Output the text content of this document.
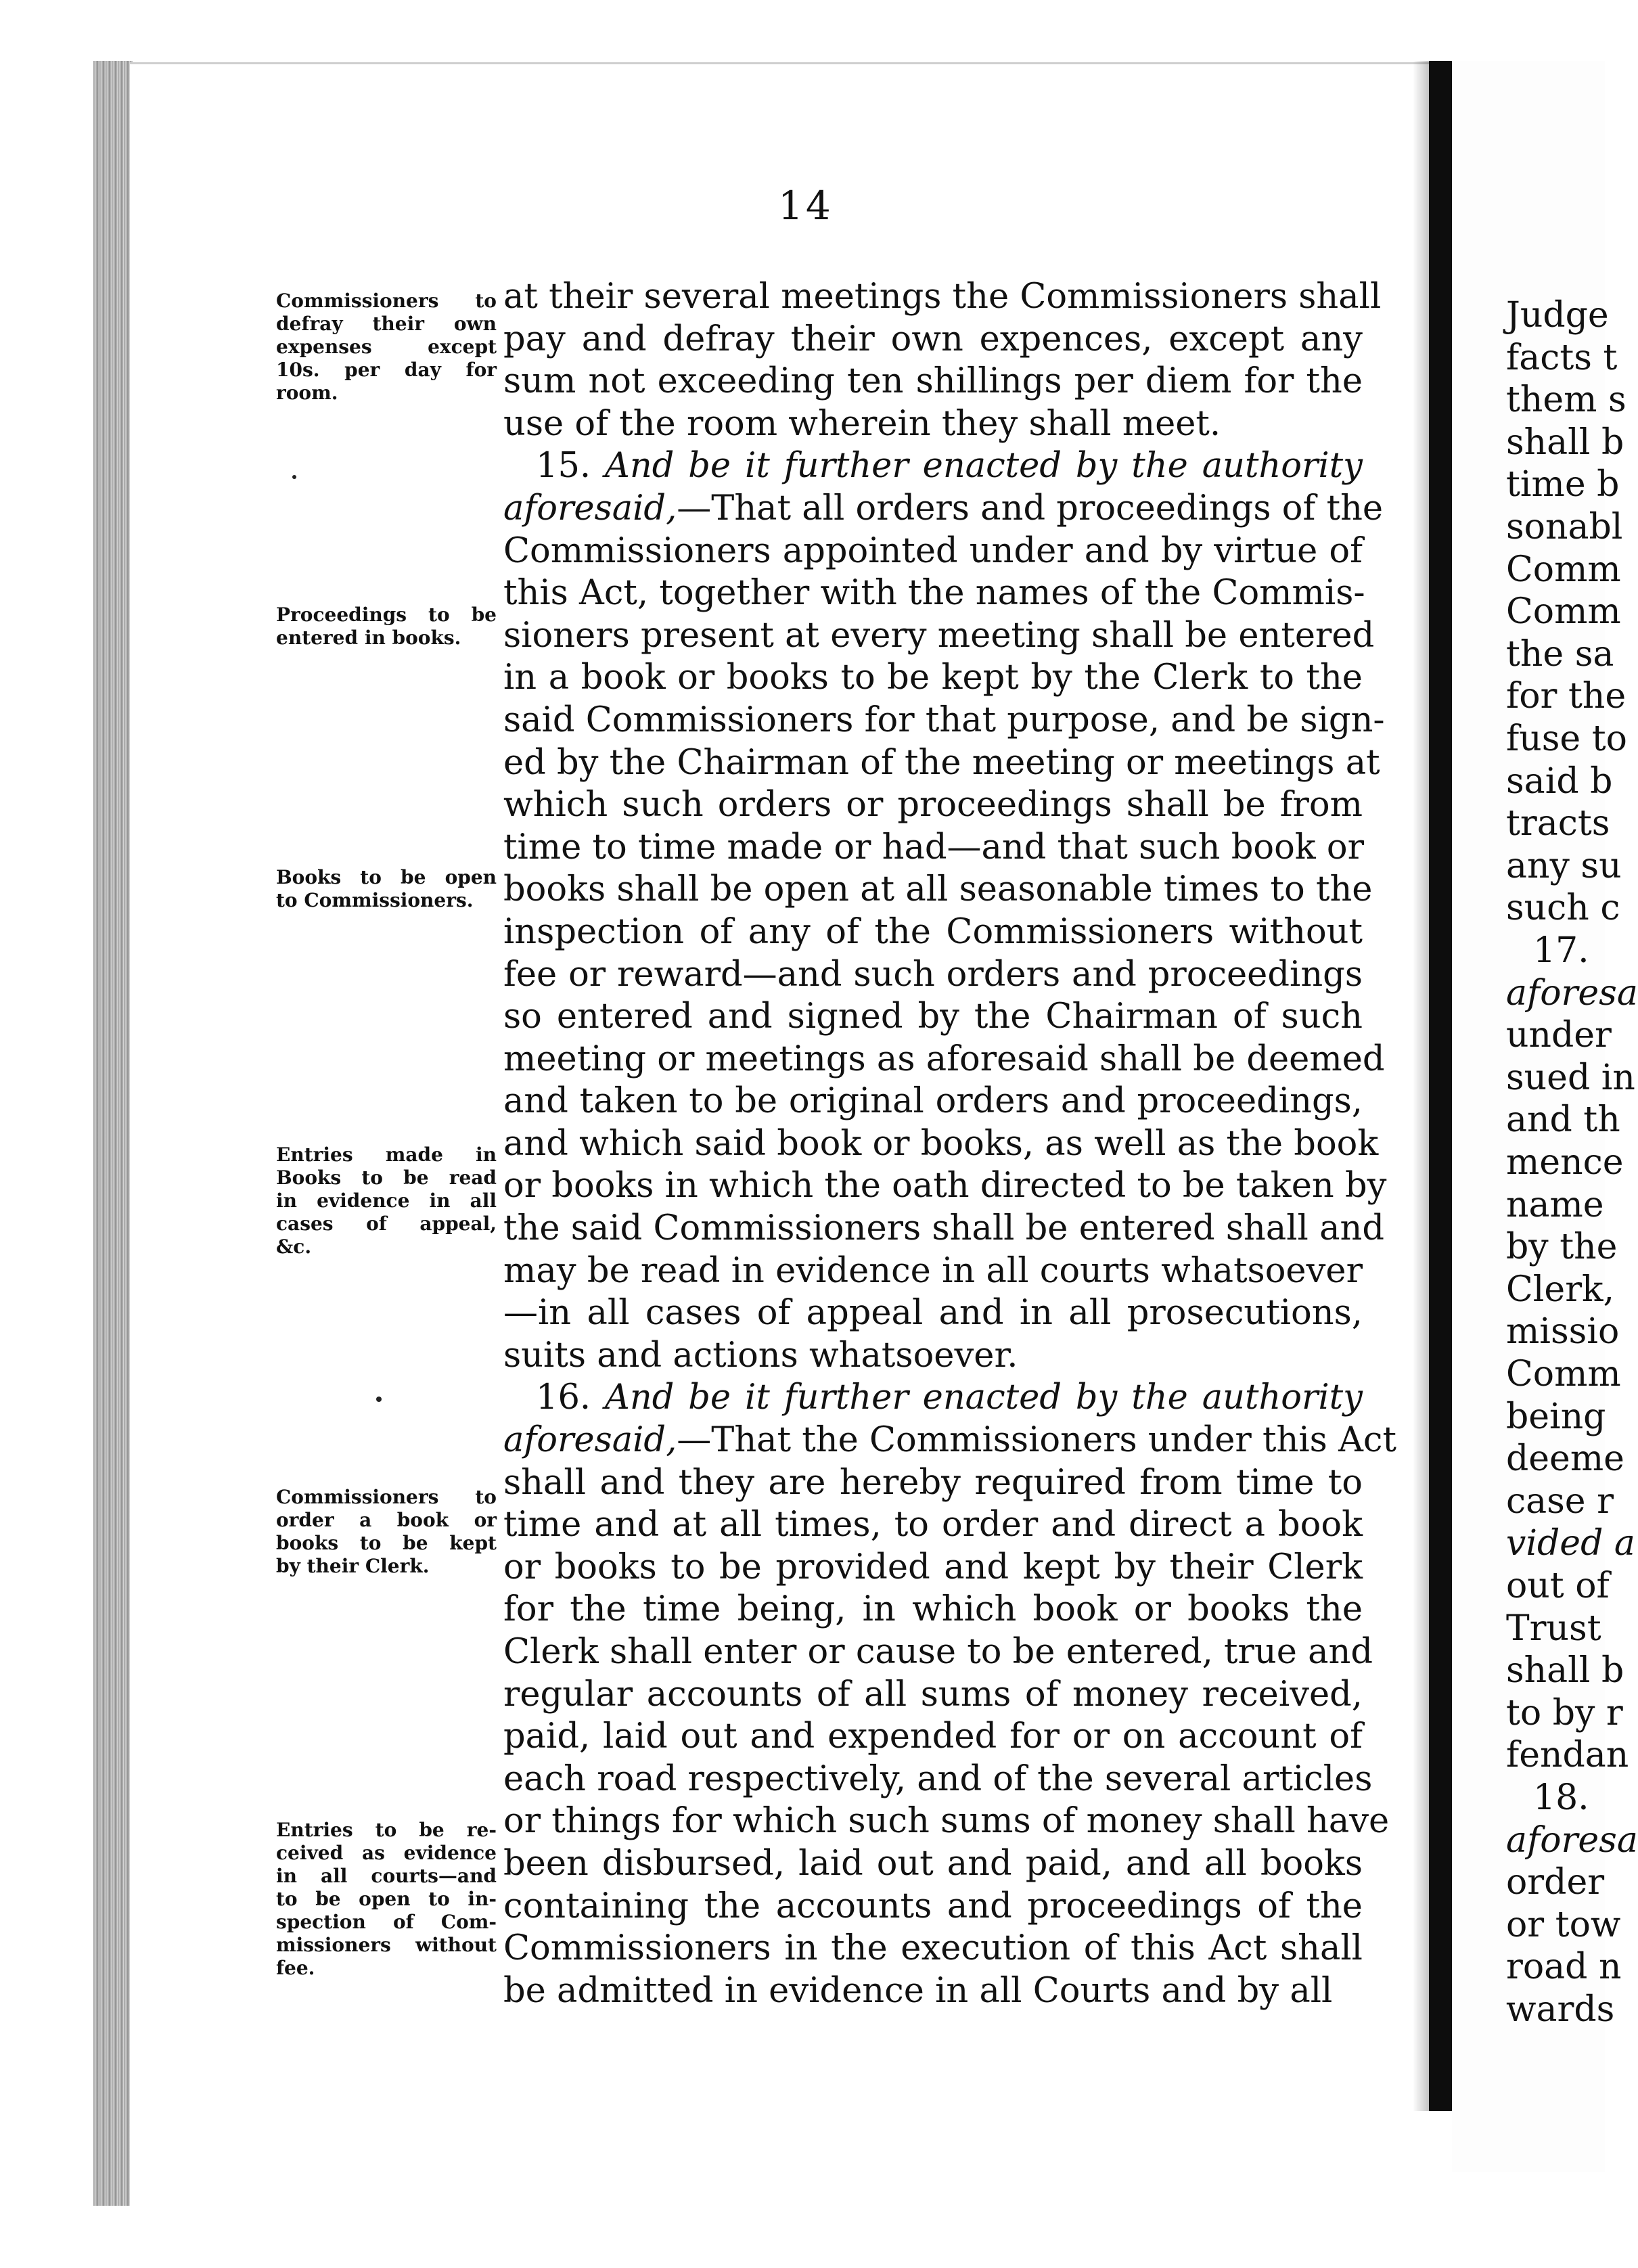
Judge
facts t
them s
shall b
time b
sonabl
Comm
Comm
the sa
for the
fuse to
said b
tracts
any su
such c
17.
aforesa
under
sued in
and th
mence
name
by the
Clerk,
missio
Comm
being
deeme
case r
vided a
out of
Trust
shall b
to by r
fendan
18.
aforesa
order
or tow
road n
wards
14
Commissioners to
defray their own
expenses except
10s. per day for
room.
Proceedings to be
entered in books.
Books to be open
to Commissioners.
Entries made in
Books to be read
in evidence in all
cases of appeal,
&c.
Commissioners to
order a book or
books to be kept
by their Clerk.
Entries to be re-
ceived as evidence
in all courts—and
to be open to in-
spection of Com-
missioners without
fee.
at their several meetings the Commissioners shall
pay and defray their own expences, except any
sum not exceeding ten shillings per diem for the
use of the room wherein they shall meet.
15. And be it further enacted by the authority
aforesaid,—That all orders and proceedings of the
Commissioners appointed under and by virtue of
this Act, together with the names of the Commis-
sioners present at every meeting shall be entered
in a book or books to be kept by the Clerk to the
said Commissioners for that purpose, and be sign-
ed by the Chairman of the meeting or meetings at
which such orders or proceedings shall be from
time to time made or had—and that such book or
books shall be open at all seasonable times to the
inspection of any of the Commissioners without
fee or reward—and such orders and proceedings
so entered and signed by the Chairman of such
meeting or meetings as aforesaid shall be deemed
and taken to be original orders and proceedings,
and which said book or books, as well as the book
or books in which the oath directed to be taken by
the said Commissioners shall be entered shall and
may be read in evidence in all courts whatsoever
—in all cases of appeal and in all prosecutions,
suits and actions whatsoever.
16. And be it further enacted by the authority
aforesaid,—That the Commissioners under this Act
shall and they are hereby required from time to
time and at all times, to order and direct a book
or books to be provided and kept by their Clerk
for the time being, in which book or books the
Clerk shall enter or cause to be entered, true and
regular accounts of all sums of money received,
paid, laid out and expended for or on account of
each road respectively, and of the several articles
or things for which such sums of money shall have
been disbursed, laid out and paid, and all books
containing the accounts and proceedings of the
Commissioners in the execution of this Act shall
be admitted in evidence in all Courts and by all
